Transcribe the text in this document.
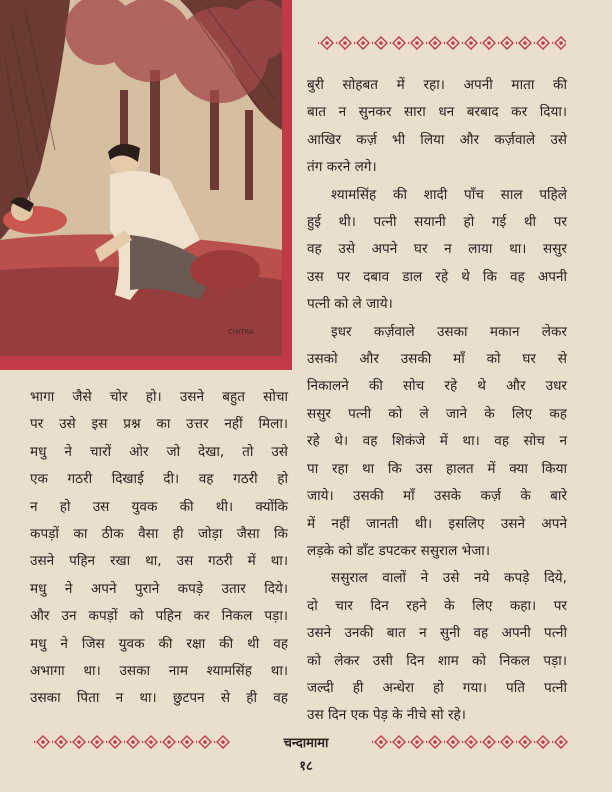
CHITRA

बुरी सोहबत में रहा। अपनी माता की

बात न सुनकर सारा धन बरबाद कर दिया।

आखिर कर्ज़ भी लिया और कर्ज़वाले उसे

तंग करने लगे।

श्यामसिंह की शादी पाँच साल पहिले

हुई थी। पत्नी सयानी हो गई थी पर

वह उसे अपने घर न लाया था। ससुर

उस पर दबाव डाल रहे थे कि वह अपनी

पत्नी को ले जाये।

इधर कर्ज़वाले उसका मकान लेकर

उसको और उसकी माँ को घर से

निकालने की सोच रहे थे और उधर

ससुर पत्नी को ले जाने के लिए कह

रहे थे। वह शिकंजे में था। वह सोच न

पा रहा था कि उस हालत में क्या किया

जाये। उसकी माँ उसके कर्ज़ के बारे

में नहीं जानती थी। इसलिए उसने अपने

लड़के को डाँट डपटकर ससुराल भेजा।

ससुराल वालों ने उसे नये कपड़े दिये,

दो चार दिन रहने के लिए कहा। पर

उसने उनकी बात न सुनी वह अपनी पत्नी

को लेकर उसी दिन शाम को निकल पड़ा।

जल्दी ही अन्धेरा हो गया। पति पत्नी

उस दिन एक पेड़ के नीचे सो रहे।

भागा जैसे चोर हो। उसने बहुत सोचा

पर उसे इस प्रश्न का उत्तर नहीं मिला।

मधु ने चारों ओर जो देखा, तो उसे

एक गठरी दिखाई दी। वह गठरी हो

न हो उस युवक की थी। क्योंकि

कपड़ों का ठीक वैसा ही जोड़ा जैसा कि

उसने पहिन रखा था, उस गठरी में था।

मधु ने अपने पुराने कपड़े उतार दिये।

और उन कपड़ों को पहिन कर निकल पड़ा।

मधु ने जिस युवक की रक्षा की थी वह

अभागा था। उसका नाम श्यामसिंह था।

उसका पिता न था। छुटपन से ही वह

चन्दामामा
१८
